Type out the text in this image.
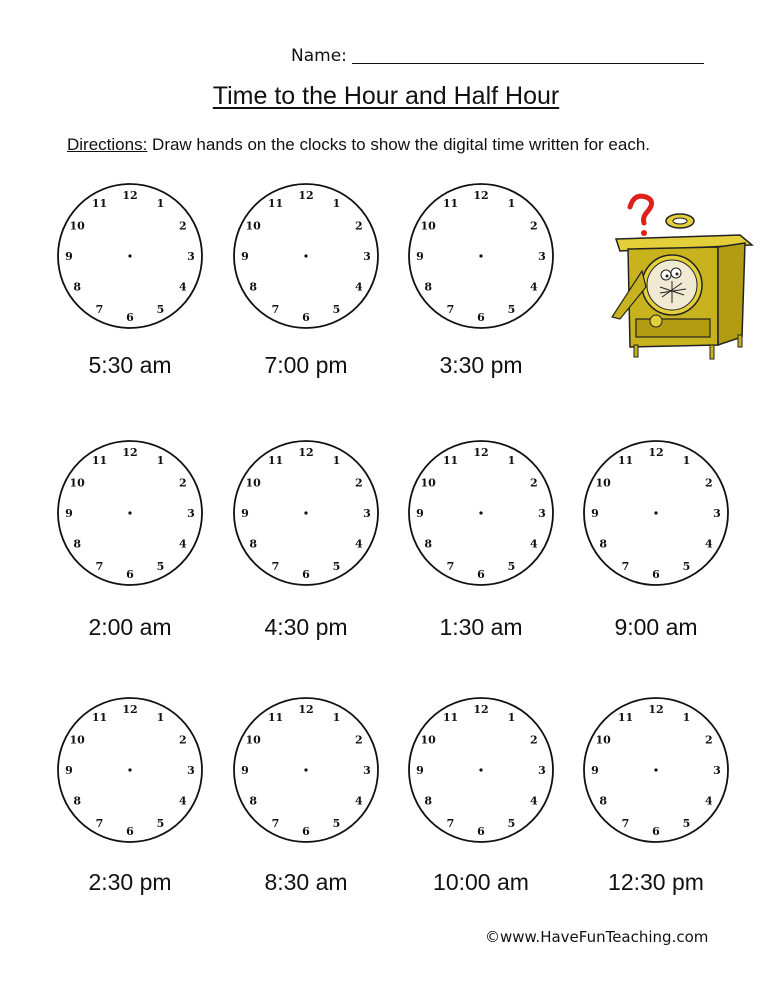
Name:
Time to the Hour and Half Hour
Directions: Draw hands on the clocks to show the digital time written for each.
12
1
2
3
4
5
6
7
8
9
10
11
5:30 am
12
1
2
3
4
5
6
7
8
9
10
11
7:00 pm
12
1
2
3
4
5
6
7
8
9
10
11
3:30 pm
12
1
2
3
4
5
6
7
8
9
10
11
2:00 am
12
1
2
3
4
5
6
7
8
9
10
11
4:30 pm
12
1
2
3
4
5
6
7
8
9
10
11
1:30 am
12
1
2
3
4
5
6
7
8
9
10
11
9:00 am
12
1
2
3
4
5
6
7
8
9
10
11
2:30 pm
12
1
2
3
4
5
6
7
8
9
10
11
8:30 am
12
1
2
3
4
5
6
7
8
9
10
11
10:00 am
12
1
2
3
4
5
6
7
8
9
10
11
12:30 pm
©www.HaveFunTeaching.com
